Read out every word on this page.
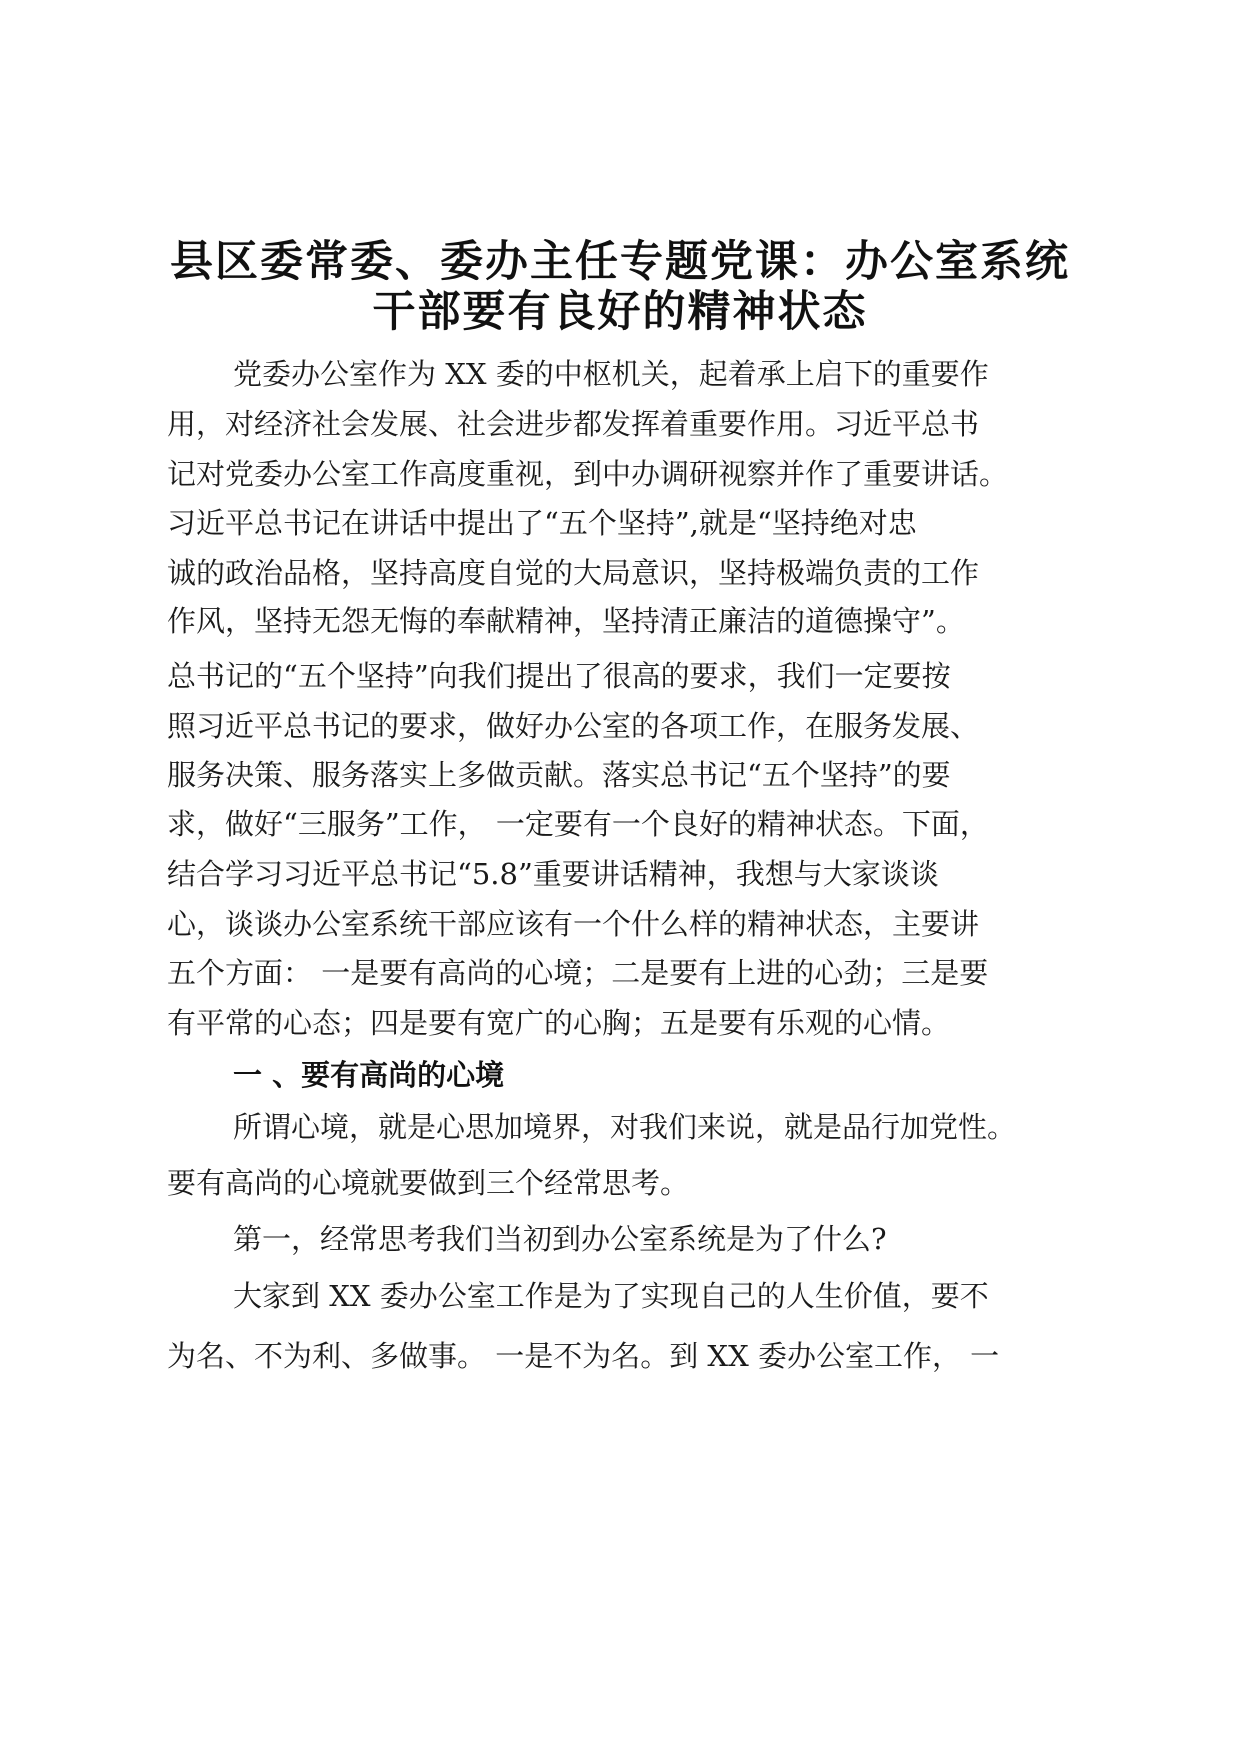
县区委常委、委办主任专题党课：办公室系统
干部要有良好的精神状态
党委办公室作为 XX 委的中枢机关，起着承上启下的重要作
用，对经济社会发展、社会进步都发挥着重要作用。习近平总书
记对党委办公室工作高度重视，到中办调研视察并作了重要讲话。
习近平总书记在讲话中提出了“五个坚持”,就是“坚持绝对忠
诚的政治品格，坚持高度自觉的大局意识，坚持极端负责的工作
作风，坚持无怨无悔的奉献精神，坚持清正廉洁的道德操守”。
总书记的“五个坚持”向我们提出了很高的要求，我们一定要按
照习近平总书记的要求，做好办公室的各项工作，在服务发展、
服务决策、服务落实上多做贡献。落实总书记“五个坚持”的要
求，做好“三服务”工作， 一定要有一个良好的精神状态。下面，
结合学习习近平总书记“5.8”重要讲话精神，我想与大家谈谈
心，谈谈办公室系统干部应该有一个什么样的精神状态，主要讲
五个方面： 一是要有高尚的心境；二是要有上进的心劲；三是要
有平常的心态；四是要有宽广的心胸；五是要有乐观的心情。
一 、要有高尚的心境
所谓心境，就是心思加境界，对我们来说，就是品行加党性。
要有高尚的心境就要做到三个经常思考。
第一，经常思考我们当初到办公室系统是为了什么?
大家到 XX 委办公室工作是为了实现自己的人生价值，要不
为名、不为利、多做事。 一是不为名。到 XX 委办公室工作， 一
